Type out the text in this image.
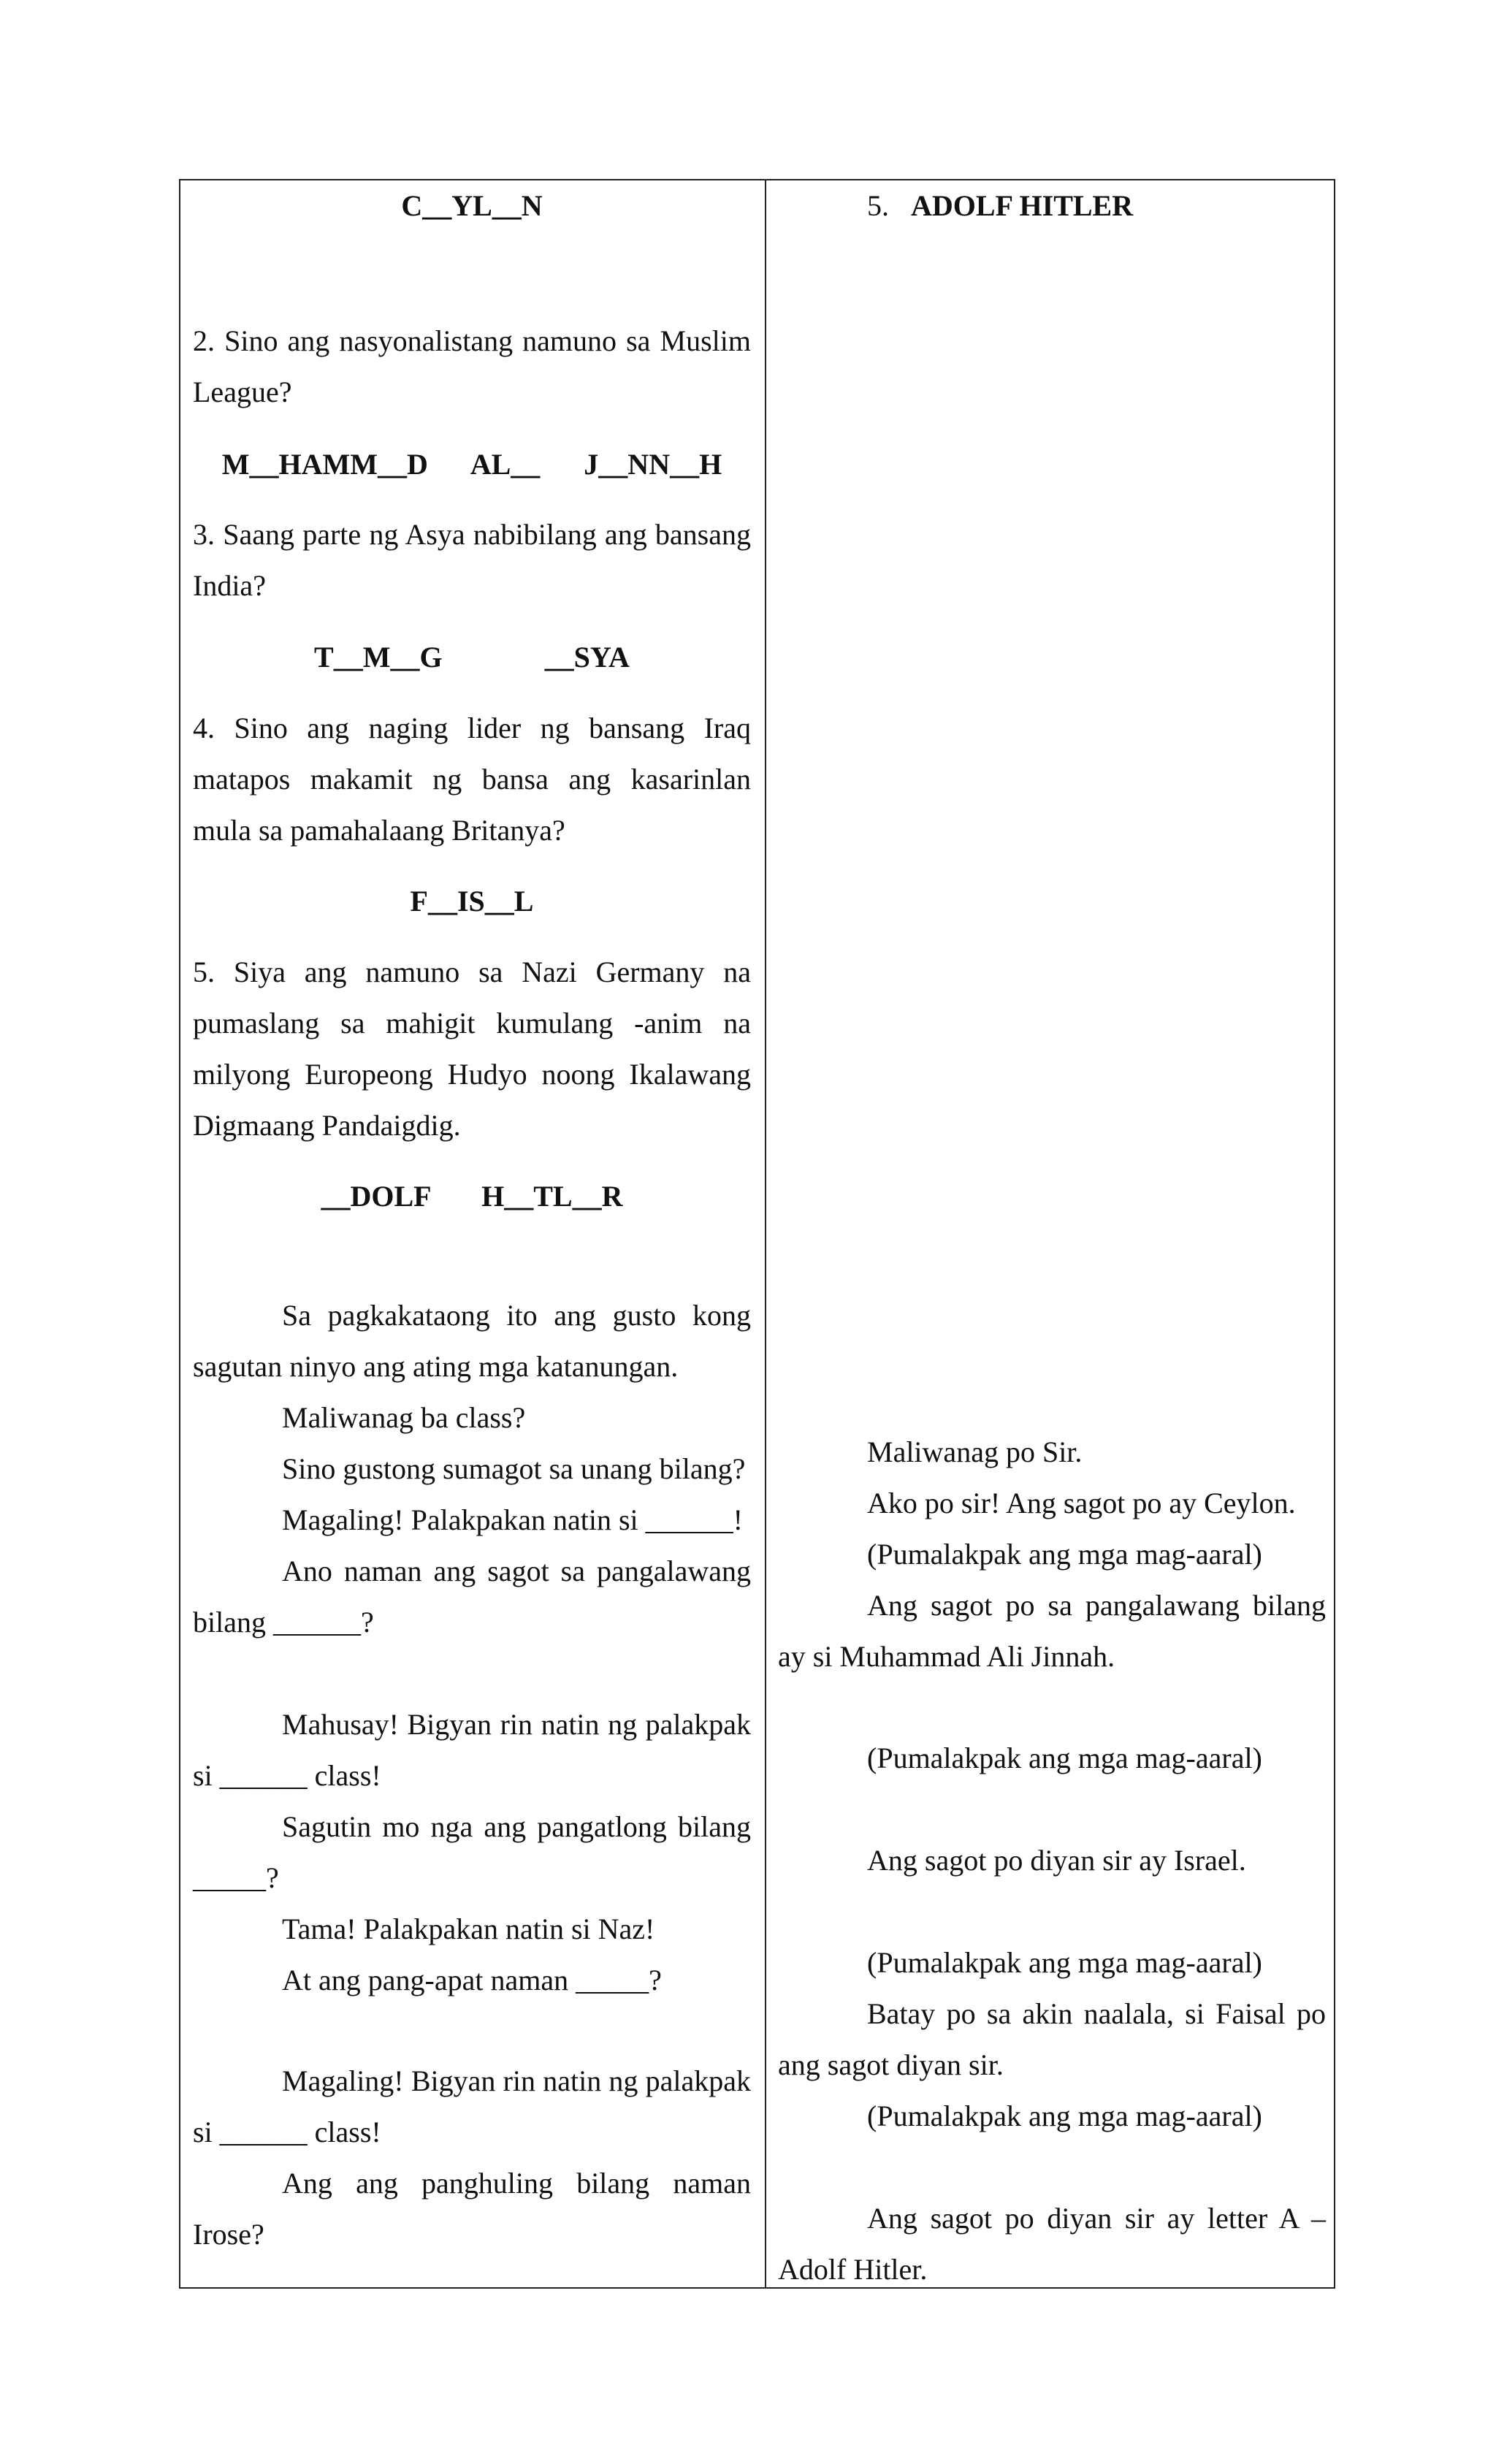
C__YL__N

2. Sino ang nasyonalistang namuno sa Muslim League?

M__HAMM__D      AL__      J__NN__H

3. Saang parte ng Asya nabibilang ang bansang India?

T__M__G              __SYA

4. Sino ang naging lider ng bansang Iraq matapos makamit ng bansa ang kasarinlan mula sa pamahalaang Britanya?

F__IS__L

5. Siya ang namuno sa Nazi Germany na pumaslang sa mahigit kumulang -anim na milyong Europeong Hudyo noong Ikalawang Digmaang Pandaigdig.

__DOLF       H__TL__R

Sa pagkakataong ito ang gusto kong sagutan ninyo ang ating mga katanungan.

Maliwanag ba class?

Sino gustong sumagot sa unang bilang?

Magaling! Palakpakan natin si ______!

Ano naman ang sagot sa pangalawang bilang ______?

Mahusay! Bigyan rin natin ng palakpak si ______ class!

Sagutin mo nga ang pangatlong bilang _____?

Tama! Palakpakan natin si Naz!

At ang pang-apat naman _____?

Magaling! Bigyan rin natin ng palakpak si ______ class!

Ang ang panghuling bilang naman Irose?

5. ADOLF HITLER

Maliwanag po Sir.

Ako po sir! Ang sagot po ay Ceylon.

(Pumalakpak ang mga mag-aaral)

Ang sagot po sa pangalawang bilang ay si Muhammad Ali Jinnah.

(Pumalakpak ang mga mag-aaral)

Ang sagot po diyan sir ay Israel.

(Pumalakpak ang mga mag-aaral)

Batay po sa akin naalala, si Faisal po ang sagot diyan sir.

(Pumalakpak ang mga mag-aaral)

Ang sagot po diyan sir ay letter A – Adolf Hitler.
